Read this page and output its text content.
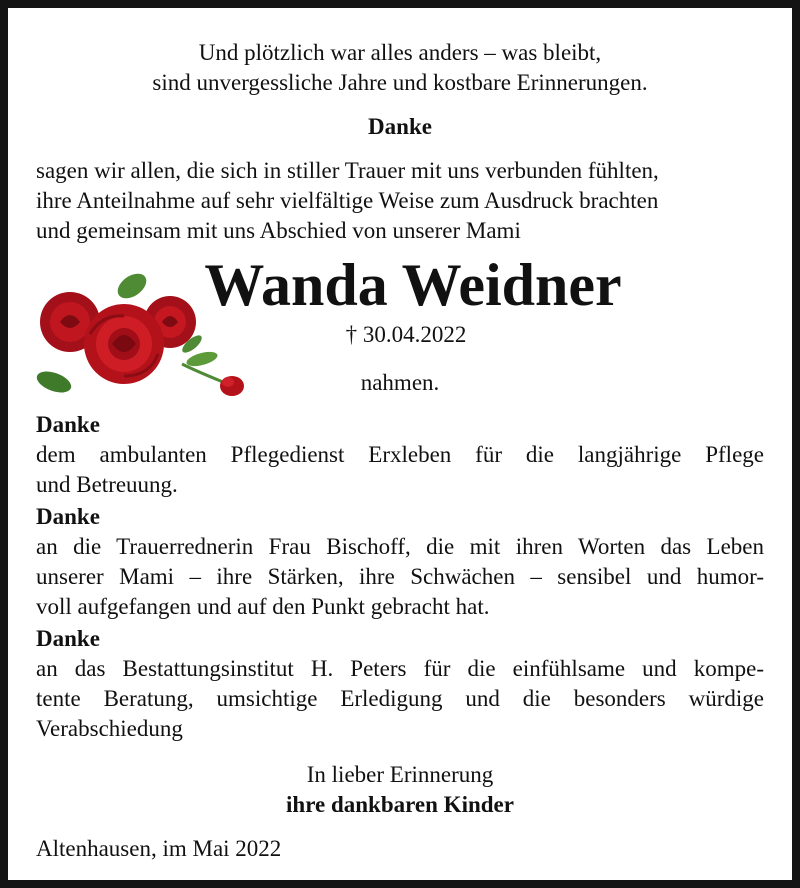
Und plötzlich war alles anders – was bleibt,
sind unvergessliche Jahre und kostbare Erinnerungen.
Danke
sagen wir allen, die sich in stiller Trauer mit uns verbunden fühlten,
ihre Anteilnahme auf sehr vielfältige Weise zum Ausdruck brachten
und gemeinsam mit uns Abschied von unserer Mami
Wanda Weidner
† 30.04.2022
nahmen.
Danke
dem ambulanten Pflegedienst Erxleben für die langjährige Pflege
und Betreuung.
Danke
an die Trauerrednerin Frau Bischoff, die mit ihren Worten das Leben
unserer Mami – ihre Stärken, ihre Schwächen – sensibel und humor-
voll aufgefangen und auf den Punkt gebracht hat.
Danke
an das Bestattungsinstitut H. Peters für die einfühlsame und kompe-
tente Beratung, umsichtige Erledigung und die besonders würdige
Verabschiedung
In lieber Erinnerung
ihre dankbaren Kinder
Altenhausen, im Mai 2022
